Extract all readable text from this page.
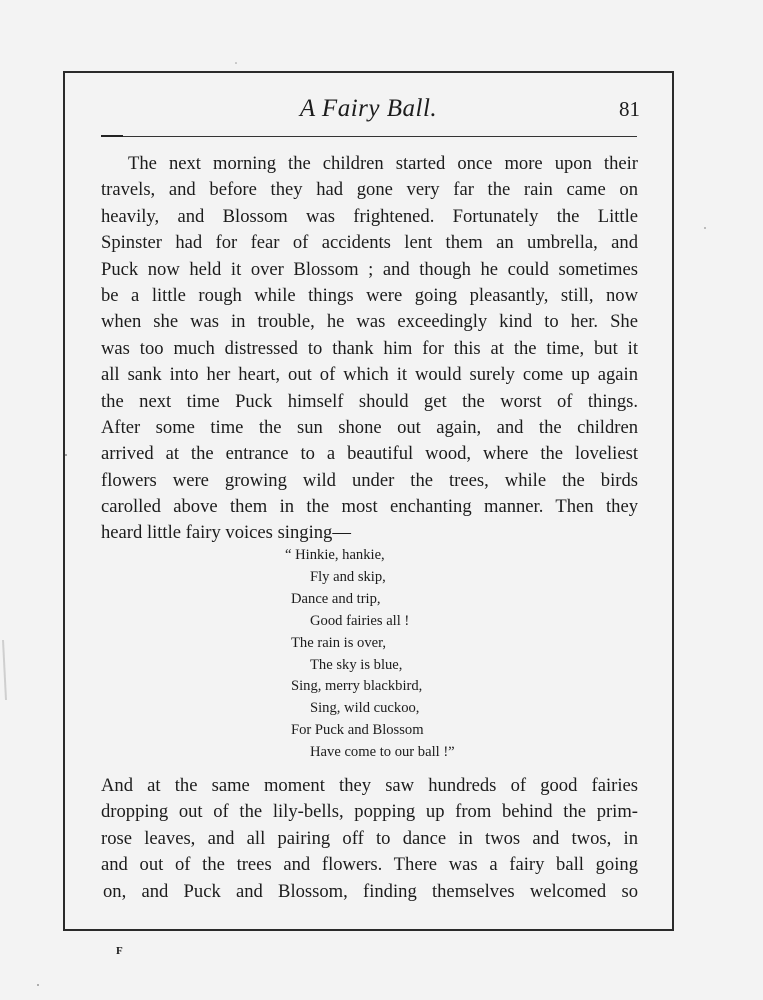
A Fairy Ball.	81
The next morning the children started once more upon their
travels, and before they had gone very far the rain came on
heavily, and Blossom was frightened. Fortunately the Little
Spinster had for fear of accidents lent them an umbrella, and
Puck now held it over Blossom ; and though he could sometimes
be a little rough while things were going pleasantly, still, now
when she was in trouble, he was exceedingly kind to her. She
was too much distressed to thank him for this at the time, but it
all sank into her heart, out of which it would surely come up again
the next time Puck himself should get the worst of things.
After some time the sun shone out again, and the children
arrived at the entrance to a beautiful wood, where the loveliest
flowers were growing wild under the trees, while the birds
carolled above them in the most enchanting manner. Then they
heard little fairy voices singing—
“ Hinkie, hankie,
Fly and skip,
Dance and trip,
Good fairies all !
The rain is over,
The sky is blue,
Sing, merry blackbird,
Sing, wild cuckoo,
For Puck and Blossom
Have come to our ball !”
And at the same moment they saw hundreds of good fairies
dropping out of the lily-bells, popping up from behind the prim-
rose leaves, and all pairing off to dance in twos and twos, in
and out of the trees and flowers. There was a fairy ball going
on, and Puck and Blossom, finding themselves welcomed so
F
